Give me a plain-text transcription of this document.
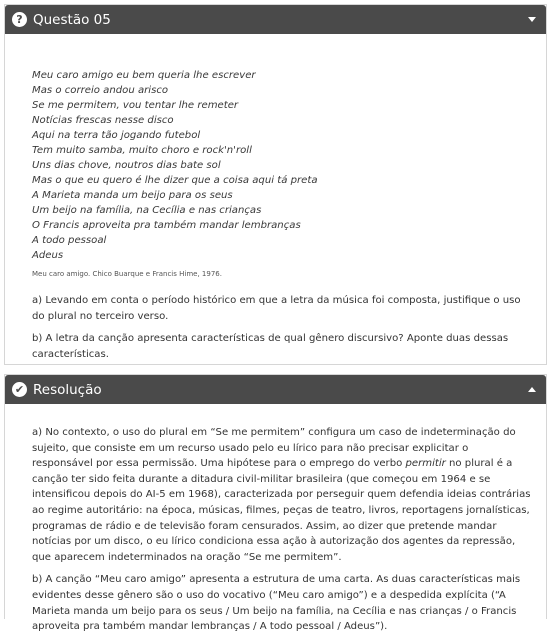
? Questão 05
Meu caro amigo eu bem queria lhe escrever
Mas o correio andou arisco
Se me permitem, vou tentar lhe remeter
Notícias frescas nesse disco
Aqui na terra tão jogando futebol
Tem muito samba, muito choro e rock'n'roll
Uns dias chove, noutros dias bate sol
Mas o que eu quero é lhe dizer que a coisa aqui tá preta
A Marieta manda um beijo para os seus
Um beijo na família, na Cecília e nas crianças
O Francis aproveita pra também mandar lembranças
A todo pessoal
Adeus
Meu caro amigo. Chico Buarque e Francis Hime, 1976.
a) Levando em conta o período histórico em que a letra da música foi composta, justifique o uso do plural no terceiro verso.
b) A letra da canção apresenta características de qual gênero discursivo? Aponte duas dessas características.
✔ Resolução

a) No contexto, o uso do plural em “Se me permitem” configura um caso de indeterminação do sujeito, que consiste em um recurso usado pelo eu lírico para não precisar explicitar o responsável por essa permissão. Uma hipótese para o emprego do verbo permitir no plural é a canção ter sido feita durante a ditadura civil-militar brasileira (que começou em 1964 e se intensificou depois do AI-5 em 1968), caracterizada por perseguir quem defendia ideias contrárias ao regime autoritário: na época, músicas, filmes, peças de teatro, livros, reportagens jornalísticas, programas de rádio e de televisão foram censurados. Assim, ao dizer que pretende mandar notícias por um disco, o eu lírico condiciona essa ação à autorização dos agentes da repressão, que aparecem indeterminados na oração “Se me permitem”.

b) A canção “Meu caro amigo” apresenta a estrutura de uma carta. As duas características mais evidentes desse gênero são o uso do vocativo (“Meu caro amigo”) e a despedida explícita (“A Marieta manda um beijo para os seus / Um beijo na família, na Cecília e nas crianças / o Francis aproveita pra também mandar lembranças / A todo pessoal / Adeus”).
